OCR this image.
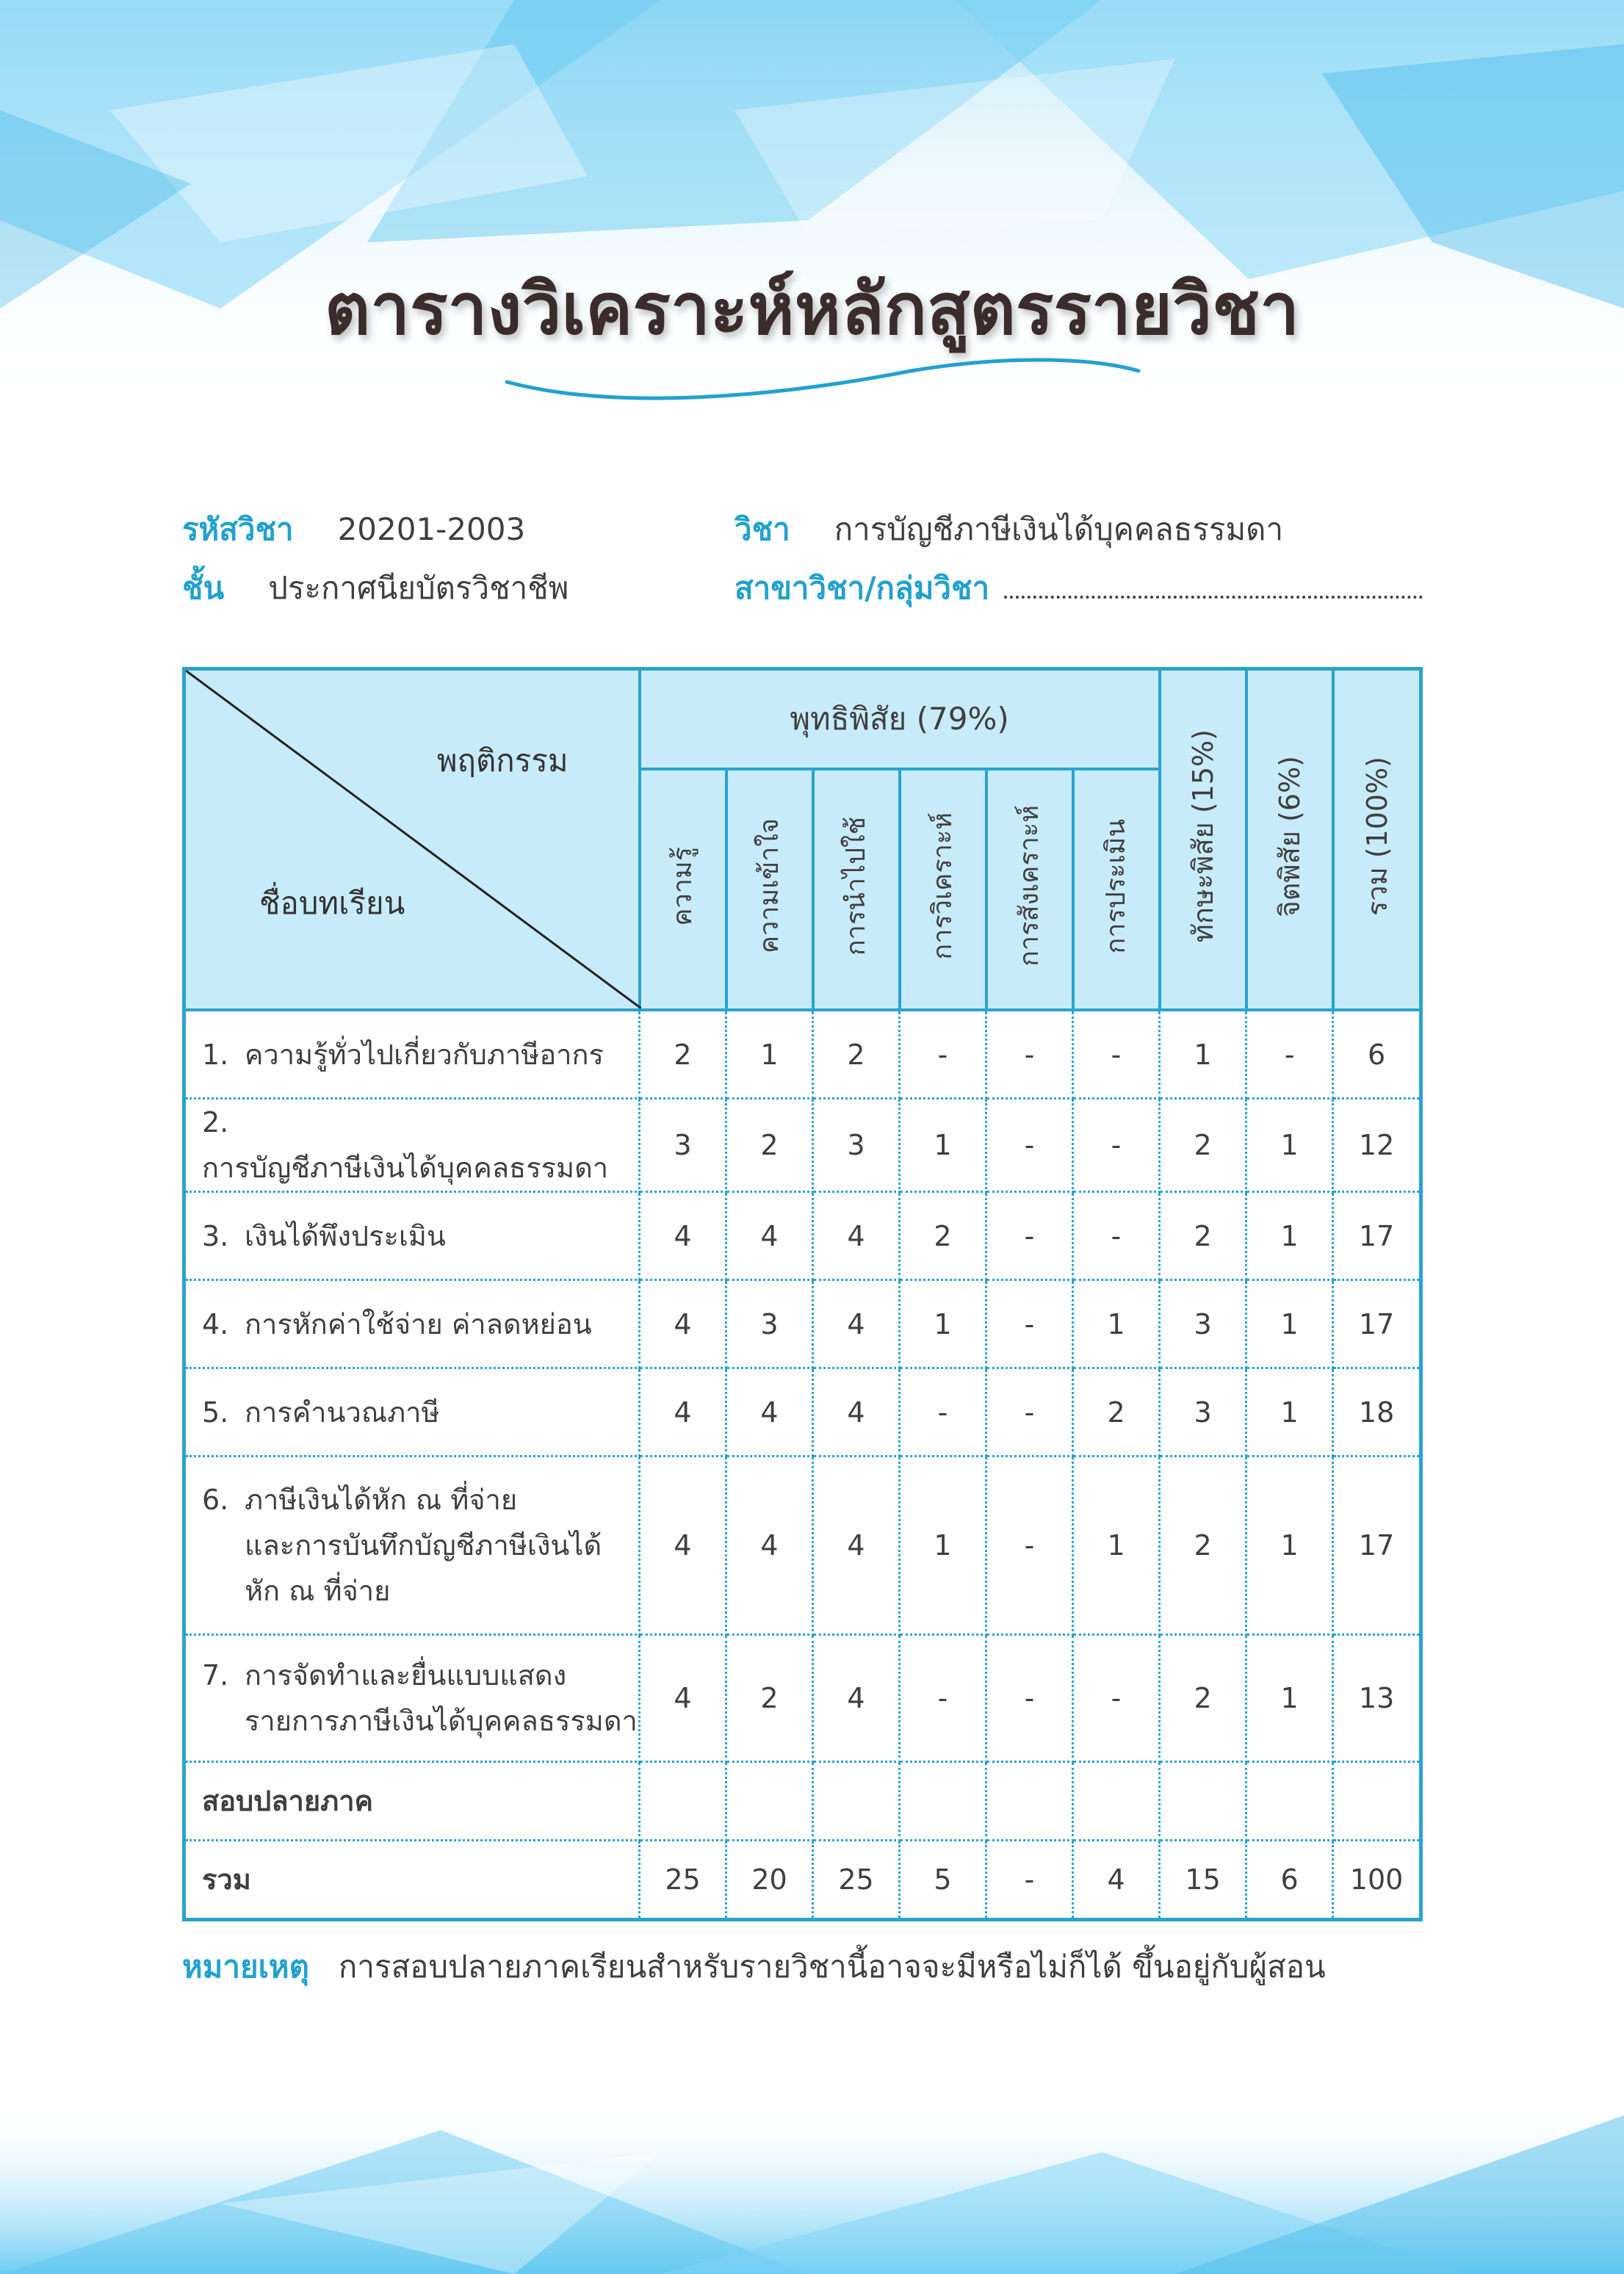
ตารางวิเคราะห์หลักสูตรรายวิชา
รหัสวิชา 20201-2003	วิชา การบัญชีภาษีเงินได้บุคคลธรรมดา
ชั้น ประกาศนียบัตรวิชาชีพ	สาขาวิชา/กลุ่มวิชา
พฤติกรรม
ชื่อบทเรียน	พุทธิพิสัย (79%)						ทักษะพิสัย (15%)	จิตพิสัย (6%)	รวม (100%)
	ความรู้	ความเข้าใจ	การนำไปใช้	การวิเคราะห์	การสังเคราะห์	การประเมิน			
1. ความรู้ทั่วไปเกี่ยวกับภาษีอากร	2	1	2	-	-	-	1	-	6
2.
การบัญชีภาษีเงินได้บุคคลธรรมดา	3	2	3	1	-	-	2	1	12
3. เงินได้พึงประเมิน	4	4	4	2	-	-	2	1	17
4. การหักค่าใช้จ่าย ค่าลดหย่อน	4	3	4	1	-	1	3	1	17
5. การคำนวณภาษี	4	4	4	-	-	2	3	1	18
6. ภาษีเงินได้หัก ณ ที่จ่าย
และการบันทึกบัญชีภาษีเงินได้
หัก ณ ที่จ่าย	4	4	4	1	-	1	2	1	17
7. การจัดทำและยื่นแบบแสดง
รายการภาษีเงินได้บุคคลธรรมดา	4	2	4	-	-	-	2	1	13
สอบปลายภาค									
รวม	25	20	25	5	-	4	15	6	100
หมายเหตุ การสอบปลายภาคเรียนสำหรับรายวิชานี้อาจจะมีหรือไม่ก็ได้ ขึ้นอยู่กับผู้สอน
